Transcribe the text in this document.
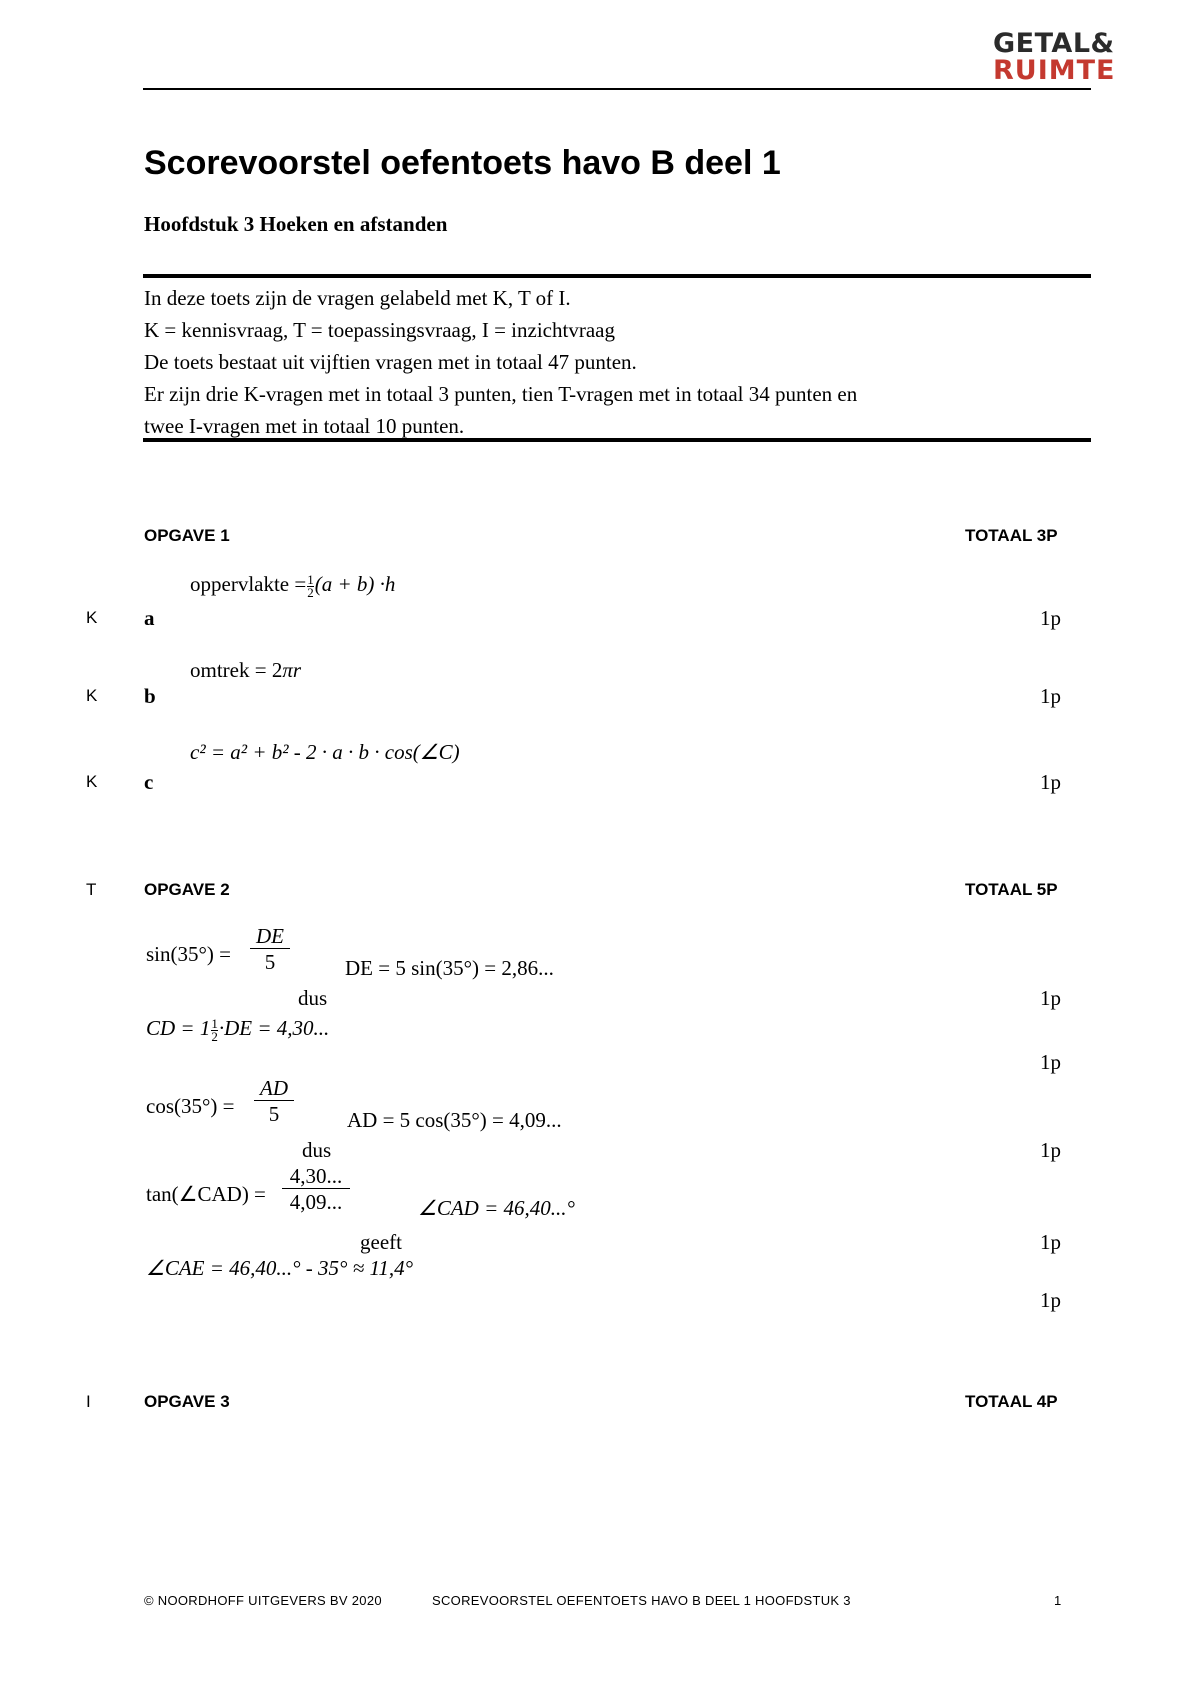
GETAL&
RUIMTE
Scorevoorstel oefentoets havo B deel 1
Hoofdstuk 3 Hoeken en afstanden
In deze toets zijn de vragen gelabeld met K, T of I.
K = kennisvraag, T = toepassingsvraag, I = inzichtvraag
De toets bestaat uit vijftien vragen met in totaal 47 punten.
Er zijn drie K-vragen met in totaal 3 punten, tien T-vragen met in totaal 34 punten en
twee I-vragen met in totaal 10 punten.
OPGAVE 1	TOTAAL 3P
oppervlakte = $\frac{1}{2} (a + b) \cdot h$
K a	1p
omtrek = 2πr
K b	1p
c² = a² + b² - 2 · a · b · cos(∠C)
K c	1p
T	OPGAVE 2	TOTAAL 5P
$\sin(35^\circ) = \frac{DE}{5}$	DE = 5 sin(35°) = 2,86...
dus	1p
CD = $1 \frac{1}{2} \cdot DE = 4,30$...
1p
$\cos(35^\circ) = \frac{AD}{5}$	AD = 5 cos(35°) = 4,09...
dus	1p
tan(∠CAD) = $\frac{4,30...}{4,09...}$	∠CAD = 46,40...°
geeft	1p
∠CAE = 46,40...° - 35° ≈ 11,4°
1p
I	OPGAVE 3	TOTAAL 4P
© NOORDHOFF UITGEVERS BV 2020	SCOREVOORSTEL OEFENTOETS HAVO B DEEL 1 HOOFDSTUK 3	1
